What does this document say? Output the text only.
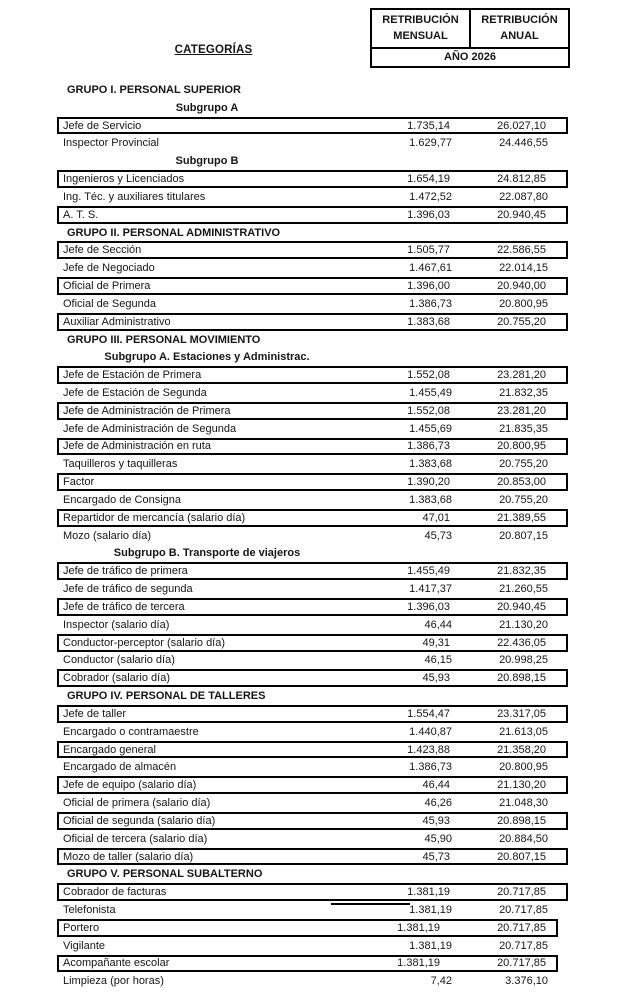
CATEGORÍAS
RETRIBUCIÓN
MENSUAL
RETRIBUCIÓN
ANUAL
AÑO 2026
GRUPO I. PERSONAL SUPERIOR
Subgrupo A
Jefe de Servicio	1.735,14	26.027,10
Inspector Provincial	1.629,77	24.446,55
Subgrupo B
Ingenieros y Licenciados	1.654,19	24.812,85
Ing. Téc. y auxiliares titulares	1.472,52	22.087,80
A. T. S.	1.396,03	20.940,45
GRUPO II. PERSONAL ADMINISTRATIVO
Jefe de Sección	1.505,77	22.586,55
Jefe de Negociado	1.467,61	22.014,15
Oficial de Primera	1.396,00	20.940,00
Oficial de Segunda	1.386,73	20.800,95
Auxiliar Administrativo	1.383,68	20.755,20
GRUPO III. PERSONAL MOVIMIENTO
Subgrupo A. Estaciones y Administrac.
Jefe de Estación de Primera	1.552,08	23.281,20
Jefe de Estación de Segunda	1.455,49	21.832,35
Jefe de Administración de Primera	1.552,08	23.281,20
Jefe de Administración de Segunda	1.455,69	21.835,35
Jefe de Administración en ruta	1.386,73	20.800,95
Taquilleros y taquilleras	1.383,68	20.755,20
Factor	1.390,20	20.853,00
Encargado de Consigna	1.383,68	20.755,20
Repartidor de mercancía (salario día)	47,01	21.389,55
Mozo (salario día)	45,73	20.807,15
Subgrupo B. Transporte de viajeros
Jefe de tráfico de primera	1.455,49	21.832,35
Jefe de tráfico de segunda	1.417,37	21.260,55
Jefe de tráfico de tercera	1.396,03	20.940,45
Inspector (salario día)	46,44	21.130,20
Conductor-perceptor (salario día)	49,31	22.436,05
Conductor (salario día)	46,15	20.998,25
Cobrador (salario día)	45,93	20.898,15
GRUPO IV. PERSONAL DE TALLERES
Jefe de taller	1.554,47	23.317,05
Encargado o contramaestre	1.440,87	21.613,05
Encargado general	1.423,88	21.358,20
Encargado de almacén	1.386,73	20.800,95
Jefe de equipo (salario día)	46,44	21.130,20
Oficial de primera (salario día)	46,26	21.048,30
Oficial de segunda (salario día)	45,93	20.898,15
Oficial de tercera (salario día)	45,90	20.884,50
Mozo de taller (salario día)	45,73	20.807,15
GRUPO V. PERSONAL SUBALTERNO
Cobrador de facturas	1.381,19	20.717,85
Telefonista	1.381,19	20.717,85
Portero	1.381,19	20.717,85
Vigilante	1.381,19	20.717,85
Acompañante escolar	1.381,19	20.717,85
Limpieza (por horas)	7,42	3.376,10
